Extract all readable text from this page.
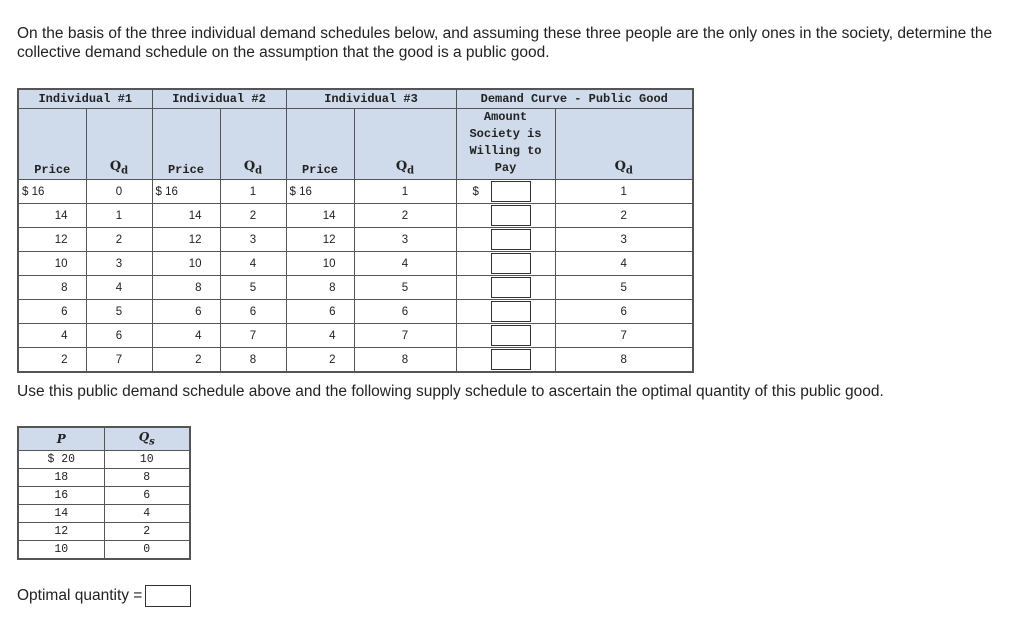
On the basis of the three individual demand schedules below, and assuming these three people are the only ones in the society, determine the collective demand schedule on the assumption that the good is a public good.
Individual #1		Individual #2		Individual #3		Demand Curve - Public Good	
Price	$Q_d$	Price	$Q_d$	Price	$Q_d$	Amount Society is Willing to Pay	$Q_d$
$ 16	0	$ 16	1	$ 16	1	$	1
14	1	14	2	14	2		2
12	2	12	3	12	3		3
10	3	10	4	10	4		4
8	4	8	5	8	5		5
6	5	6	6	6	6		6
4	6	4	7	4	7		7
2	7	2	8	2	8		8
Use this public demand schedule above and the following supply schedule to ascertain the optimal quantity of this public good.
P	$Q_s$
$ 20	10
18	8
16	6
14	4
12	2
10	0
Optimal quantity =
